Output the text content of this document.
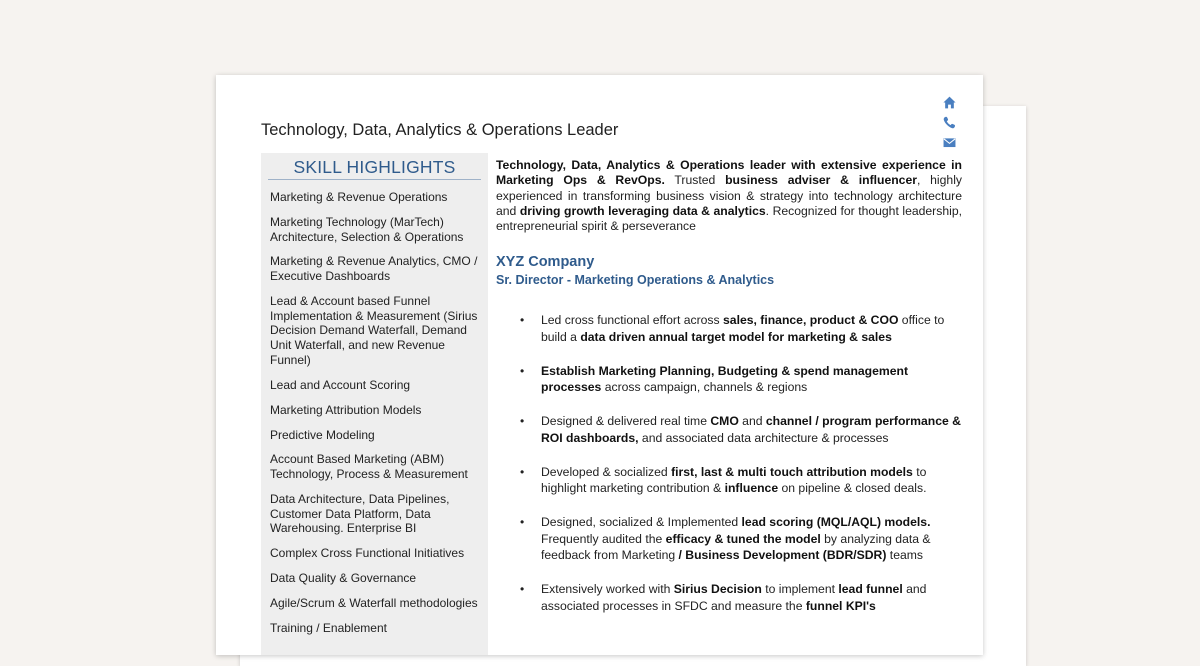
Technology, Data, Analytics & Operations Leader
SKILL HIGHLIGHTS
Marketing & Revenue Operations
Marketing Technology (MarTech) Architecture, Selection & Operations
Marketing & Revenue Analytics, CMO / Executive Dashboards
Lead & Account based Funnel Implementation & Measurement (Sirius Decision Demand Waterfall, Demand Unit Waterfall, and new Revenue Funnel)
Lead and Account Scoring
Marketing Attribution Models
Predictive Modeling
Account Based Marketing (ABM) Technology, Process & Measurement
Data Architecture, Data Pipelines, Customer Data Platform, Data Warehousing. Enterprise BI
Complex Cross Functional Initiatives
Data Quality & Governance
Agile/Scrum & Waterfall methodologies
Training / Enablement

Technology, Data, Analytics & Operations leader with extensive experience in Marketing Ops & RevOps. Trusted business adviser & influencer, highly experienced in transforming business vision & strategy into technology architecture and driving growth leveraging data & analytics. Recognized for thought leadership, entrepreneurial spirit & perseverance

XYZ Company
Sr. Director - Marketing Operations & Analytics
• Led cross functional effort across sales, finance, product & COO office to build a data driven annual target model for marketing & sales
• Establish Marketing Planning, Budgeting & spend management processes across campaign, channels & regions
• Designed & delivered real time CMO and channel / program performance & ROI dashboards, and associated data architecture & processes
• Developed & socialized first, last & multi touch attribution models to highlight marketing contribution & influence on pipeline & closed deals.
• Designed, socialized & Implemented lead scoring (MQL/AQL) models. Frequently audited the efficacy & tuned the model by analyzing data & feedback from Marketing / Business Development (BDR/SDR) teams
• Extensively worked with Sirius Decision to implement lead funnel and associated processes in SFDC and measure the funnel KPI's
